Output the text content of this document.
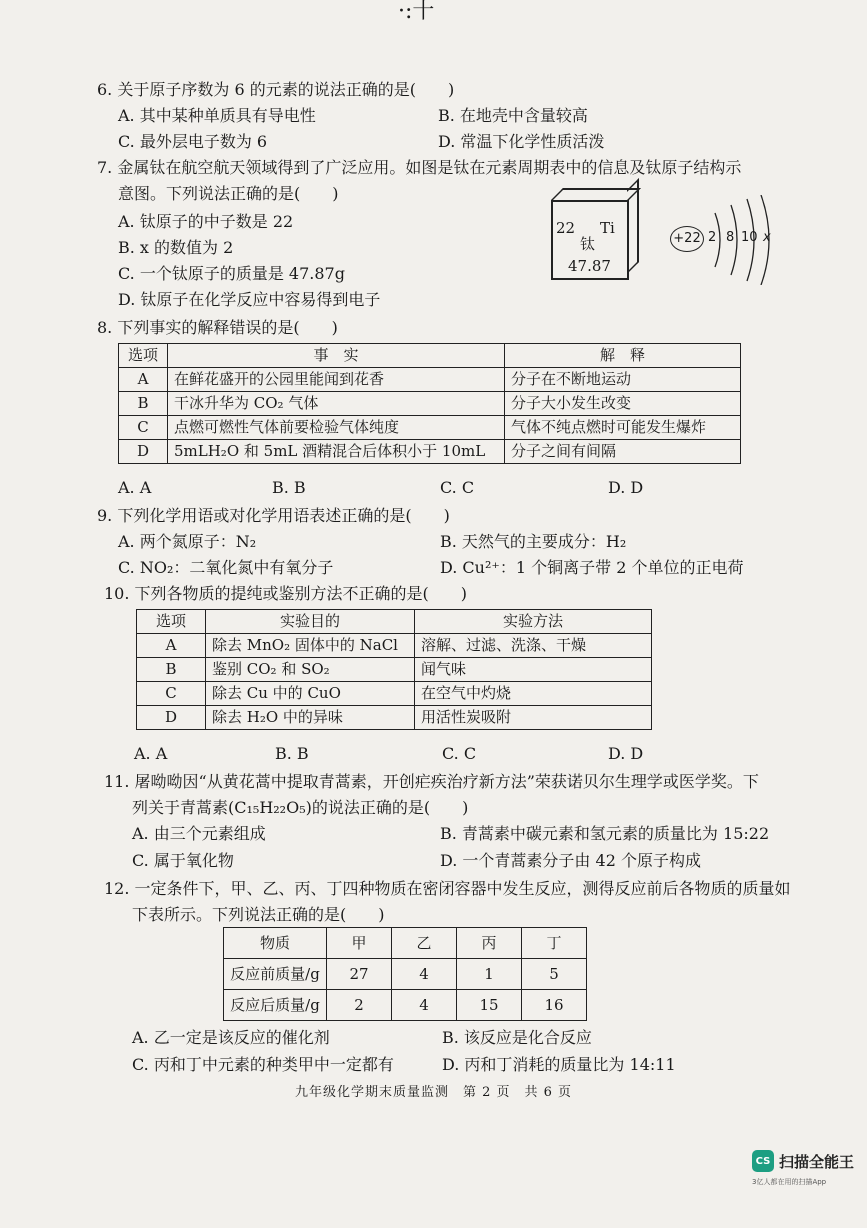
·:十
6. 关于原子序数为 6 的元素的说法正确的是(　　)
A. 其中某种单质具有导电性	B. 在地壳中含量较高
C. 最外层电子数为 6	D. 常温下化学性质活泼
7. 金属钛在航空航天领域得到了广泛应用。如图是钛在元素周期表中的信息及钛原子结构示
意图。下列说法正确的是(　　)
A. 钛原子的中子数是 22
B. x 的数值为 2
C. 一个钛原子的质量是 47.87g
D. 钛原子在化学反应中容易得到电子
22 Ti
钛
47.87
+22 2 8 10 x
8. 下列事实的解释错误的是(　　)
选项	事　实	解　释
A	在鲜花盛开的公园里能闻到花香	分子在不断地运动
B	干冰升华为 CO₂ 气体	分子大小发生改变
C	点燃可燃性气体前要检验气体纯度	气体不纯点燃时可能发生爆炸
D	5mLH₂O 和 5mL 酒精混合后体积小于 10mL	分子之间有间隔
A. A	B. B	C. C	D. D
9. 下列化学用语或对化学用语表述正确的是(　　)
A. 两个氮原子：N₂	B. 天然气的主要成分：H₂
C. NO₂：二氧化氮中有氧分子	D. Cu²⁺：1 个铜离子带 2 个单位的正电荷
10. 下列各物质的提纯或鉴别方法不正确的是(　　)
选项	实验目的	实验方法
A	除去 MnO₂ 固体中的 NaCl	溶解、过滤、洗涤、干燥
B	鉴别 CO₂ 和 SO₂	闻气味
C	除去 Cu 中的 CuO	在空气中灼烧
D	除去 H₂O 中的异味	用活性炭吸附
A. A	B. B	C. C	D. D
11. 屠呦呦因“从黄花蒿中提取青蒿素，开创疟疾治疗新方法”荣获诺贝尔生理学或医学奖。下
列关于青蒿素(C₁₅H₂₂O₅)的说法正确的是(　　)
A. 由三个元素组成	B. 青蒿素中碳元素和氢元素的质量比为 15:22
C. 属于氧化物	D. 一个青蒿素分子由 42 个原子构成
12. 一定条件下，甲、乙、丙、丁四种物质在密闭容器中发生反应，测得反应前后各物质的质量如
下表所示。下列说法正确的是(　　)
物质	甲	乙	丙	丁
反应前质量/g	27	4	1	5
反应后质量/g	2	4	15	16
A. 乙一定是该反应的催化剂	B. 该反应是化合反应
C. 丙和丁中元素的种类甲中一定都有	D. 丙和丁消耗的质量比为 14:11
九年级化学期末质量监测　第 2 页　共 6 页
CS 扫描全能王
3亿人都在用的扫描App
